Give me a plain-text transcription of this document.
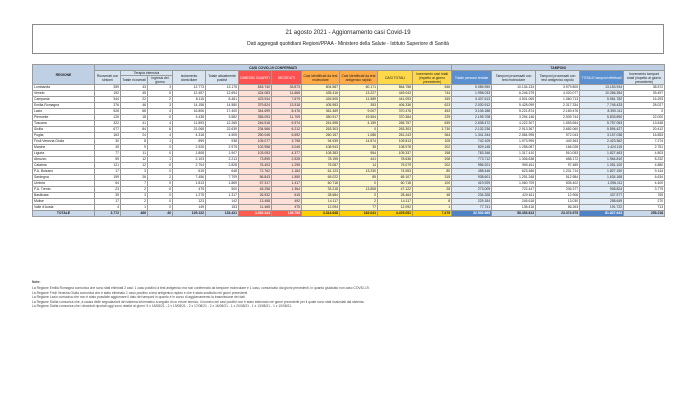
21 agosto 2021 - Aggiornamento casi Covid-19
Dati aggregati quotidiani Regioni/PPAA - Ministero della Salute - Istituto Superiore di Sanità
REGIONE	CASI COVID-19 CONFERMATI											TAMPONI				
	Ricoverati con sintomi	Terapia intensiva		Isolamento domiciliare	Totale attualmente positivi	DIMESSI/ GUARITI	DECEDUTI	Casi identificati da test molecolare	Casi identificati da test antigenico rapido	CASI TOTALI	Incremento casi totali (rispetto al giorno precedente)	Totale persone testate	Tamponi processati con test molecolare	Tamponi processati con test antigenico rapido	TOTALE tamponi effettuati	Incremento tamponi totali (rispetto al giorno precedente)
		Totale ricoverati	Ingressi del giorno													
Lombardia	359	43	3	12.773	13.175	818.740	33.873	804.587	60.171	864.758	546	5.085.950	10.134.134	3.979.800	13.153.934	38.572
Veneto	192	45	5	12.457	12.694	424.083	11.665	435.416	13.227	449.043	744	1.998.033	6.246.379	4.020.077	10.266.354	39.497
Campania	344	22	2	8.115	8.481	423.934	7.679	426.505	11.589	441.093	349	3.407.613	4.901.069	1.060.713	5.961.782	16.293
Emilia-Romagna	376	46	3	14.158	14.580	379.824	13.518	405.983	353	406.336	623	2.030.912	5.428.099	2.317.334	7.745.433	28.027
Lazio	526	68	4	16.806	17.400	344.699	8.476	361.469	9.007	370.476	453	3.106.188	5.221.874	2.169.476	8.390.111	0
Piemonte	126	18	0	3.438	3.582	355.093	11.709	350.917	19.554	370.384	229	2.195.708	3.294.146	2.539.744	5.833.890	22.000
Toscana	322	41	4	11.893	12.265	246.518	6.974	261.598	4.159	265.757	639	2.638.472	4.222.307	1.553.654	5.757.053	13.548
Sicilia	677	84	6	21.068	22.639	234.566	6.212	263.303	0	263.303	1.730	2.132.236	2.913.367	2.682.060	5.594.427	20.412
Puglia	163	24	4	4.318	4.505	250.046	6.692	260.157	1.086	261.243	364	1.341.344	2.584.995	572.043	3.157.038	16.853
Friuli Venezia Giulia	30	8	1	899	938	105.077	3.798	94.939	14.874	109.813	105	742.109	1.973.999	449.363	2.423.362	7.274
Marche	49	9	0	2.926	2.975	102.958	3.045	108.943	35	108.978	202	829.148	1.258.087	166.028	1.424.115	2.751
Liguria	77	11	0	1.808	1.907	103.053	4.377	108.383	954	109.337	158	783.346	1.317.410	510.053	1.827.463	4.803
Abruzzo	59	12	1	2.103	2.213	73.895	2.528	78.195	441	78.636	208	773.712	1.306.638	658.172	1.964.810	8.232
Calabria	121	12	0	2.704	2.828	76.403	1.295	75.087	14	75.079	202	956.201	950.611	97.489	1.051.100	4.880
P.A. Bolzano	17	3	0	619	648	72.762	1.184	61.123	13.230	74.553	80	458.446	623.486	1.201.714	1.827.150	9.144
Sardegna	199	26	2	7.456	7.709	56.843	1.550	65.022	85	65.107	315	938.601	1.251.348	512.984	1.634.168	6.634
Umbria	54	7	0	1.813	1.869	57.317	1.417	60.718	0	60.718	100	419.929	1.060.709	835.402	1.096.111	4.400
P.A. Trento	23	2	0	475	500	45.258	1.364	33.218	13.808	47.122	28	273.009	722.447	206.377	908.824	3.779
Basilicata	39	3	0	1.275	1.317	26.532	615	28.684	0	28.464	48	234.328	420.611	12.906	437.577	765
Molise	17	2	0	123	142	13.458	492	14.117	2	14.117	8	225.184	245.618	13.030	258.649	270
Valle d'Aosta	4	1	0	149	153	11.465	475	12.094	77	12.092	1	77.741	135.416	56.263	191.722	713
TOTALE	3.772	466	40	129.122	133.421	4.262.344	128.785	4.314.648	162.041	4.476.051	7.479	32.530.965	58.353.813	23.374.975	81.827.643	255.218
Note:
La Regione Emilia Romagna comunica che sono stati eliminati 2 casi: 1 caso positivo a test antigenico ma non confermato da tampone molecolare e 1 caso, comunicato dai giorni precedenti, in quanto giudicato non caso COVID-19.
La Regione Friuli Venezia Giulia comunica che è stato eliminato 1 caso positivo a test antigenico rapido e che è stato sostituito nei giorni precedenti.
La Regione Lazio comunica che non è stato possibile aggiornare il dato dei tamponi in quanto è in corso di aggiornamento la trasmissione dei dati.
La Regione Sicilia comunica che, a causa delle segnalazioni del sistema informativo a seguito di un errore tecnico, il numero dei casi positivi non è stato elaborato nei giorni precedenti per il quale sono stati ricalcolati dal sistema.
La Regione Sicilia comunica che i deceduti riportati oggi sono relativi ai giorni: 5 x 18/08/21 - 2 x 19/08/21 - 2 x 17/08/21 - 2 x 16/08/21 - 1 x 20/08/21 - 1 x 13/08/21 - 1 x 10/08/21.
